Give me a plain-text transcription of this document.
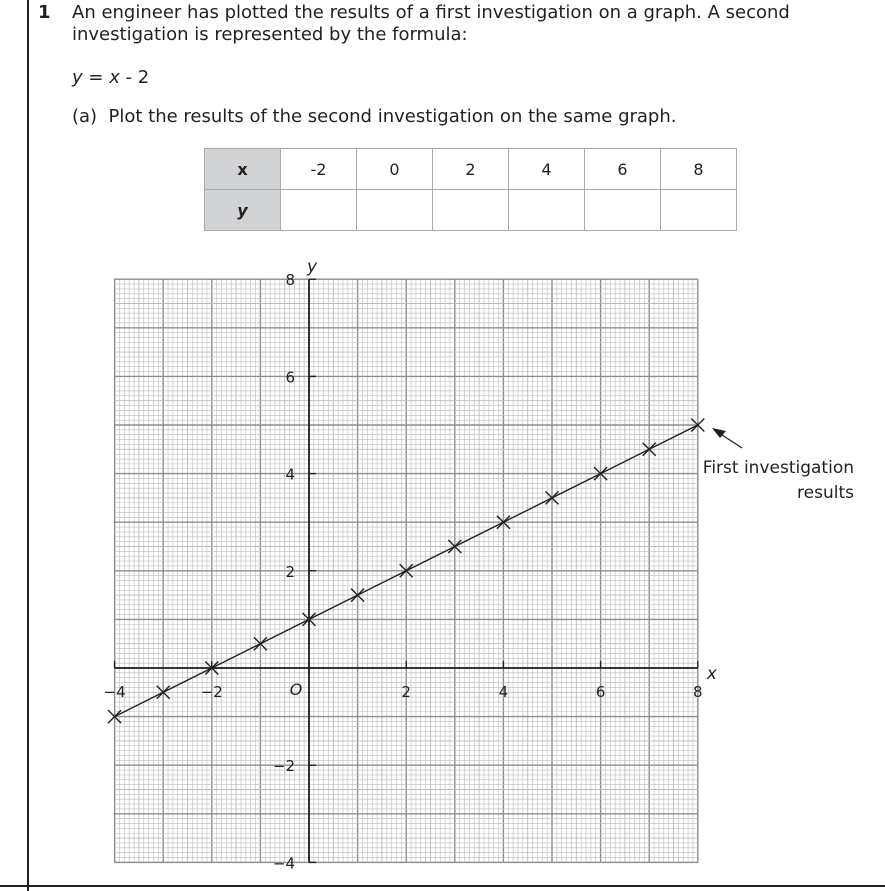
1 An engineer has plotted the results of a first investigation on a graph. A second investigation is represented by the formula:
y = x - 2
(a)  Plot the results of the second investigation on the same graph.
x	-2	0	2	4	6	8
y						
−4	−2	2	4	6	8
8
6
4
2
−2
−4
O
x
y
First investigation
results
